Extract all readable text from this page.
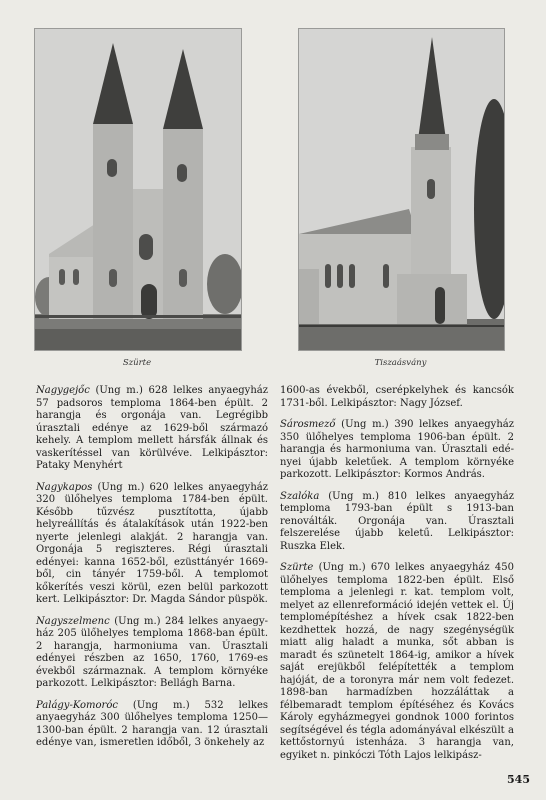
Szürte	Tiszaásvány

Nagygejőc (Ung m.) 628 lelkes anyaegyház 57 padsoros temploma 1864-ben épült. 2 harangja és orgonája van. Legrégibb úrasztali edénye az 1629-ből származó kehely. A templom mellett hársfák állnak és vaskerítéssel van körülvéve. Lelkipásztor: Pataky Menyhért

Nagykapos (Ung m.) 620 lelkes anyaegyház 320 ülőhelyes temploma 1784-ben épült. Később tűzvész pusztította, újabb helyreállítás és átalakítások után 1922-ben nyerte jelenlegi alakját. 2 harangja van. Orgonája 5 regiszteres. Régi úrasztali edényei: kanna 1652-ből, ezüsttányér 1669-ből, cin tányér 1759-ből. A templomot kőkerítés veszi körül, ezen belül parkozott kert. Lelkipásztor: Dr. Magda Sándor püspök.

Nagyszelmenc (Ung m.) 284 lelkes anyaegyház 205 ülőhelyes temploma 1868-ban épült. 2 harangja, harmoniuma van. Úrasztali edényei részben az 1650, 1760, 1769-es évekből származnak. A templom környéke parkozott. Lelkipásztor: Bellágh Barna.

Palágy-Komoróc (Ung m.) 532 lelkes anyaegyház 300 ülőhelyes temploma 1250—1300-ban épült. 2 harangja van. 12 úrasztali edénye van, ismeretlen időből, 3 önkehely az

1600-as évekből, cserépkelyhek és kancsók 1731-ből. Lelkipásztor: Nagy József.

Sárosmező (Ung m.) 390 lelkes anyaegyház 350 ülőhelyes temploma 1906-ban épült. 2 harangja és harmoniuma van. Úrasztali edényei újabb keletűek. A templom környéke parkozott. Lelkipásztor: Kormos András.

Szalóka (Ung m.) 810 lelkes anyaegyház temploma 1793-ban épült s 1913-ban renoválták. Orgonája van. Úrasztali felszerelése újabb keletű. Lelkipásztor: Ruszka Elek.

Szürte (Ung m.) 670 lelkes anyaegyház 450 ülőhelyes temploma 1822-ben épült. Első temploma a jelenlegi r. kat. templom volt, melyet az ellenreformáció idején vettek el. Új templomépítéshez a hívek csak 1822-ben kezdhettek hozzá, de nagy szegénységük miatt alig haladt a munka, sőt abban is maradt és szünetelt 1864-ig, amikor a hívek saját erejükből felépítették a templom hajóját, de a toronyra már nem volt fedezet. 1898-ban harmadízben hozzáláttak a félbemaradt templom építéséhez és Kovács Károly egyházmegyei gondnok 1000 forintos segítségével és tégla adományával elkészült a kettőstornyú istenháza. 3 harangja van, egyiket n. pinkóczi Tóth Lajos lelkipász-

545
